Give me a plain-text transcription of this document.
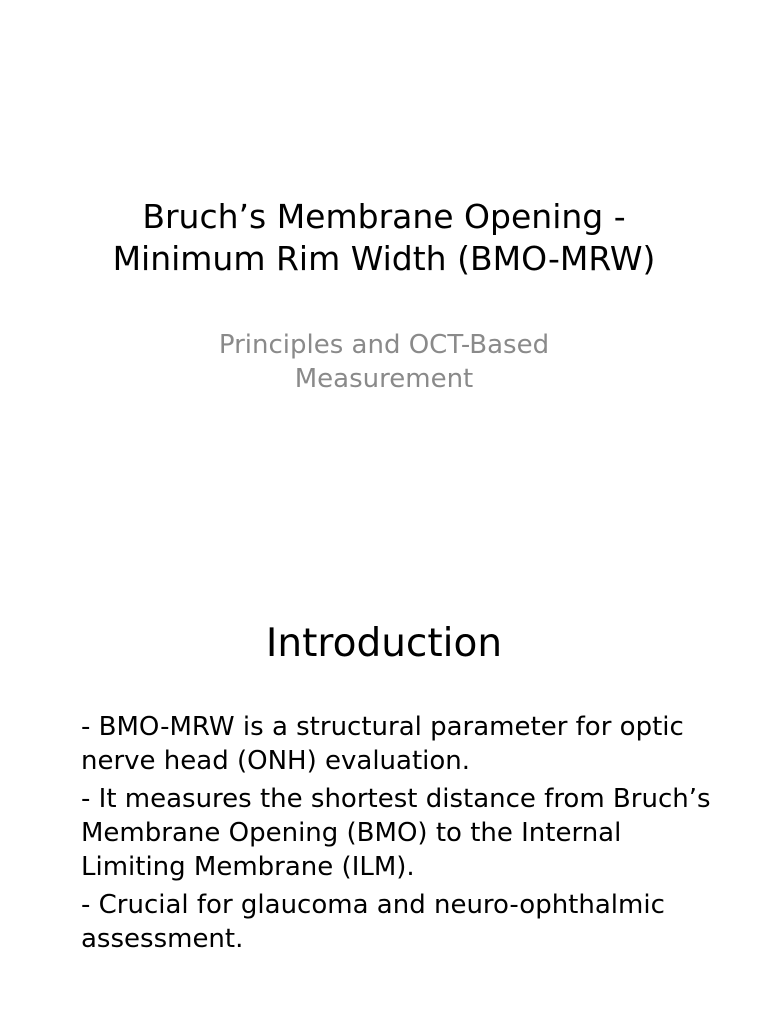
Bruch’s Membrane Opening -
Minimum Rim Width (BMO-MRW)
Principles and OCT-Based
Measurement
Introduction
- BMO-MRW is a structural parameter for optic nerve head (ONH) evaluation.
- It measures the shortest distance from Bruch’s Membrane Opening (BMO) to the Internal Limiting Membrane (ILM).
- Crucial for glaucoma and neuro-ophthalmic assessment.
